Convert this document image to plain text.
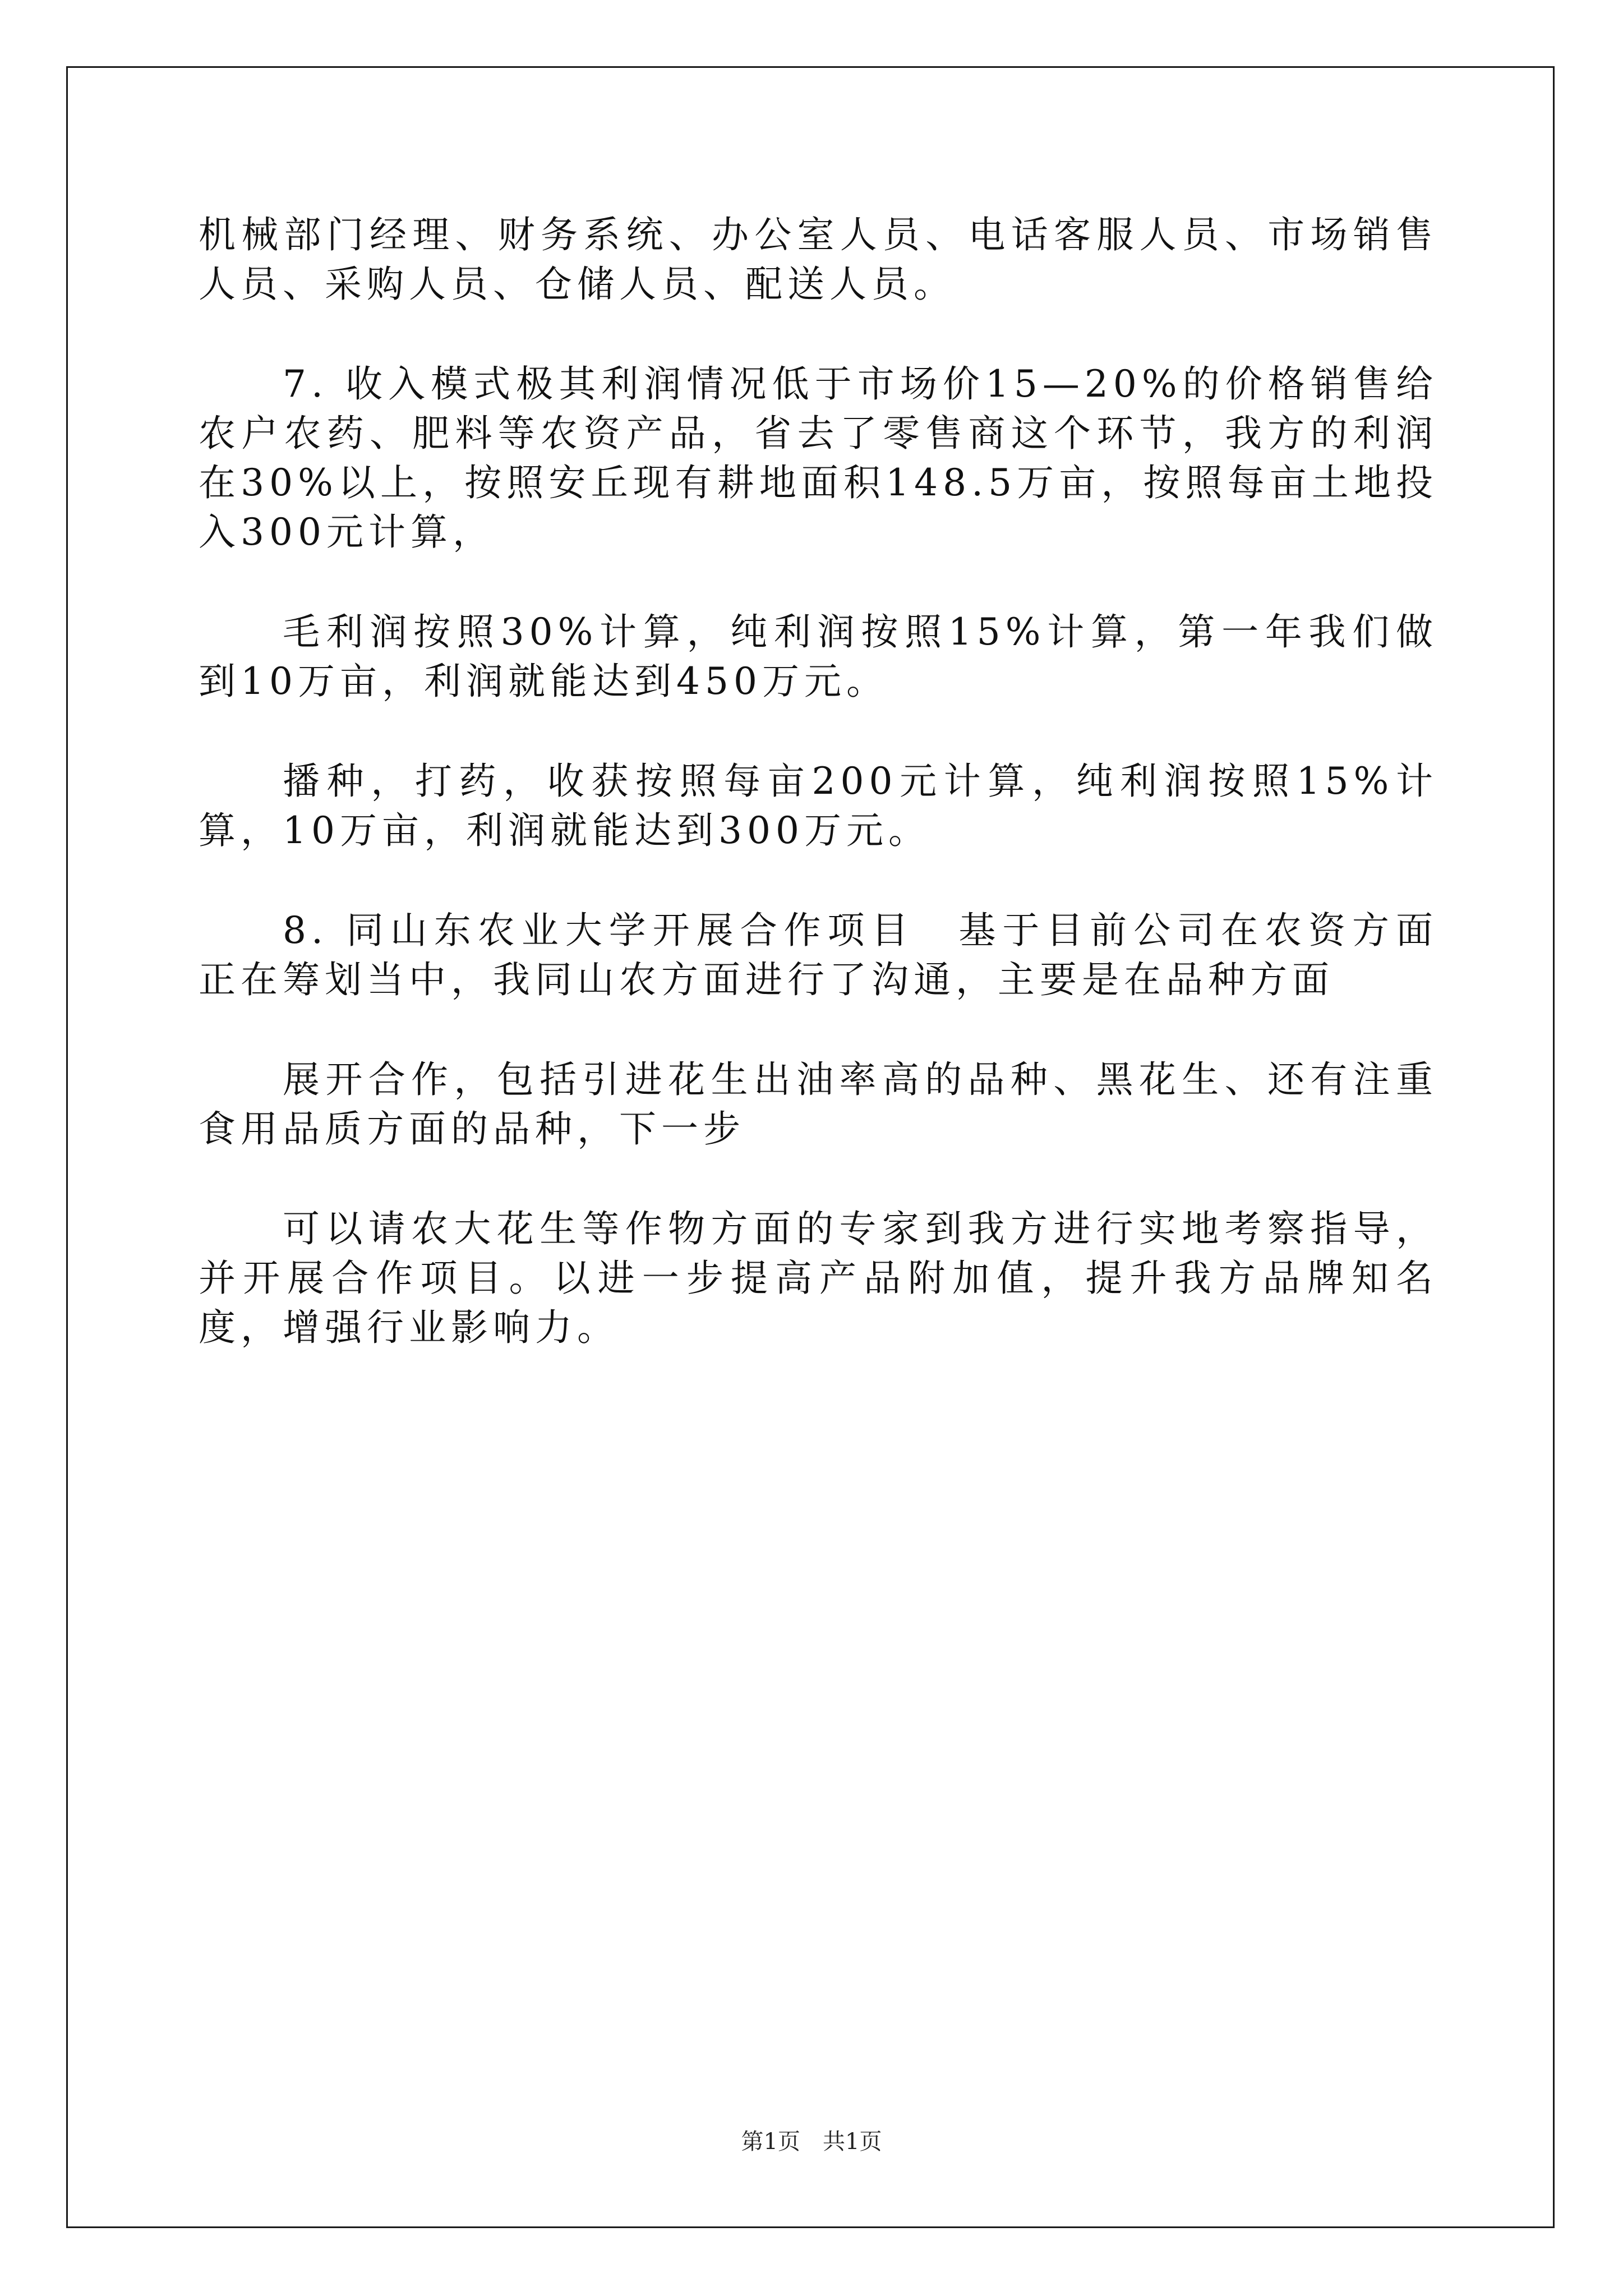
机械部门经理、财务系统、办公室人员、电话客服人员、市场销售人员、采购人员、仓储人员、配送人员。

7. 收入模式极其利润情况低于市场价15—20%的价格销售给农户农药、肥料等农资产品，省去了零售商这个环节，我方的利润在30%以上，按照安丘现有耕地面积148.5万亩，按照每亩土地投入300元计算，

毛利润按照30%计算，纯利润按照15%计算，第一年我们做到10万亩，利润就能达到450万元。

播种，打药，收获按照每亩200元计算，纯利润按照15%计算，10万亩，利润就能达到300万元。

8. 同山东农业大学开展合作项目　基于目前公司在农资方面正在筹划当中，我同山农方面进行了沟通，主要是在品种方面

展开合作，包括引进花生出油率高的品种、黑花生、还有注重食用品质方面的品种，下一步

可以请农大花生等作物方面的专家到我方进行实地考察指导，并开展合作项目。以进一步提高产品附加值，提升我方品牌知名度，增强行业影响力。

第1页 共1页
